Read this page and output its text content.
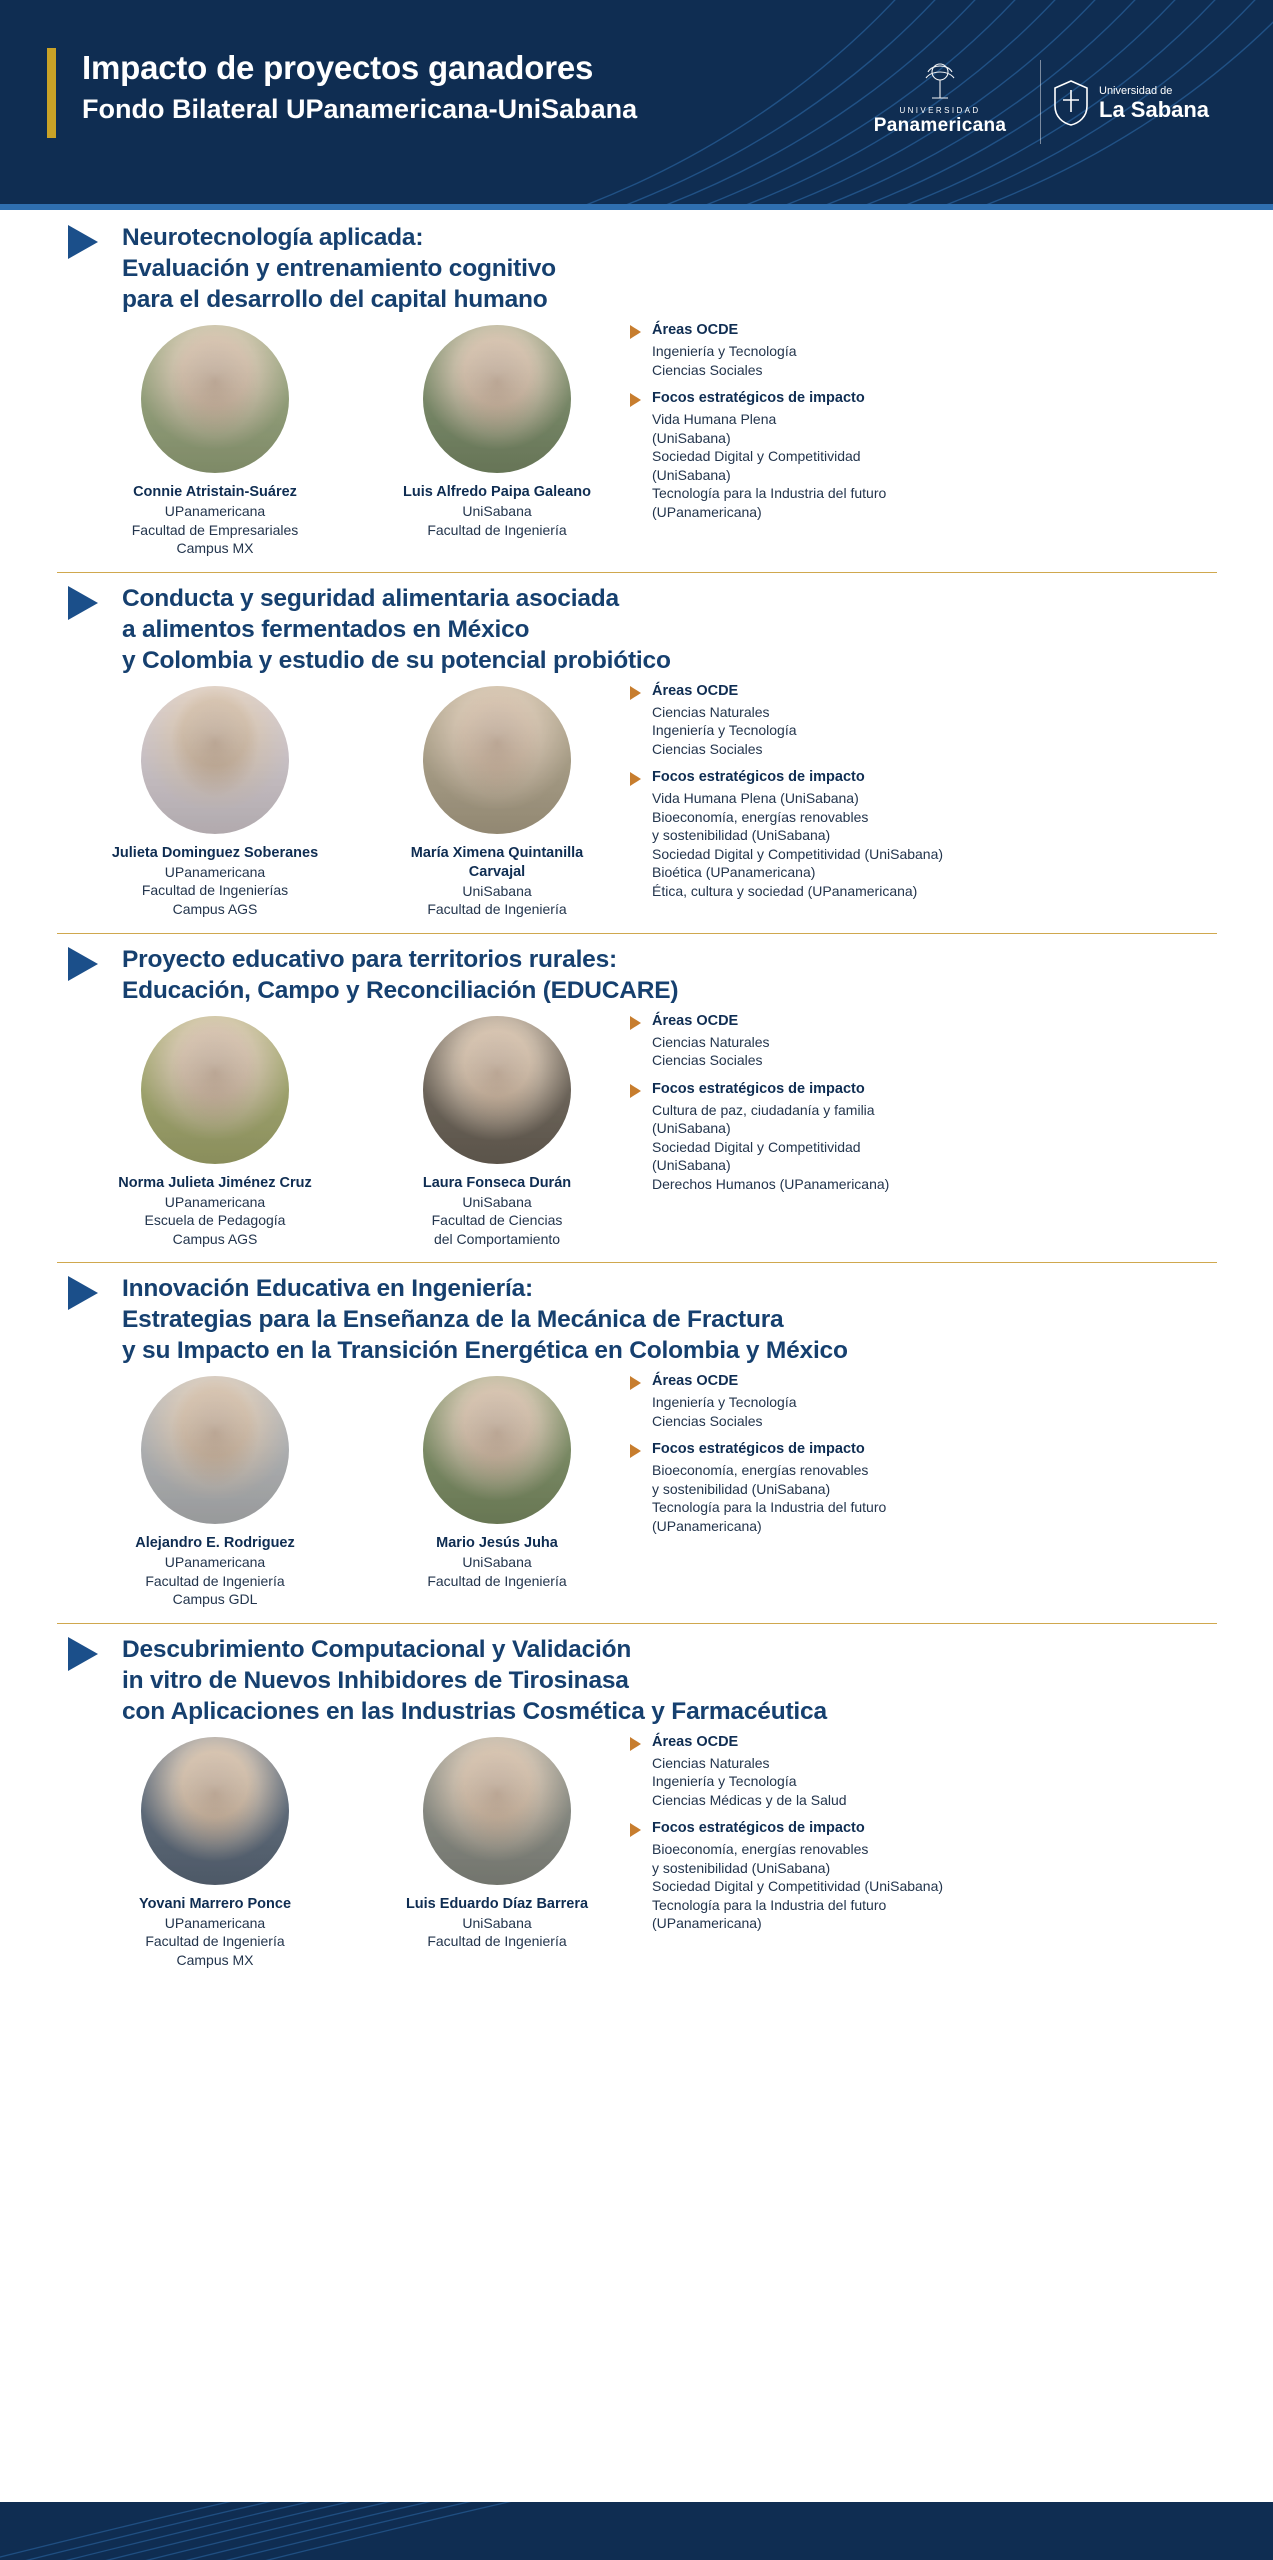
Impacto de proyectos ganadores
Fondo Bilateral UPanamericana-UniSabana	UNIVERSIDAD
Panamericana
Universidad de
La Sabana
Neurotecnología aplicada:
Evaluación y entrenamiento cognitivo
para el desarrollo del capital humano
Connie Atristain-Suárez
UPanamericana
Facultad de Empresariales
Campus MX
Luis Alfredo Paipa Galeano
UniSabana
Facultad de Ingeniería
Áreas OCDE
Ingeniería y Tecnología
Ciencias Sociales
Focos estratégicos de impacto
Vida Humana Plena
(UniSabana)
Sociedad Digital y Competitividad
(UniSabana)
Tecnología para la Industria del futuro
(UPanamericana)
Conducta y seguridad alimentaria asociada
a alimentos fermentados en México
y Colombia y estudio de su potencial probiótico
Julieta Dominguez Soberanes
UPanamericana
Facultad de Ingenierías
Campus AGS
María Ximena Quintanilla Carvajal
UniSabana
Facultad de Ingeniería
Áreas OCDE
Ciencias Naturales
Ingeniería y Tecnología
Ciencias Sociales
Focos estratégicos de impacto
Vida Humana Plena (UniSabana)
Bioeconomía, energías renovables
y sostenibilidad (UniSabana)
Sociedad Digital y Competitividad (UniSabana)
Bioética (UPanamericana)
Ética, cultura y sociedad (UPanamericana)
Proyecto educativo para territorios rurales:
Educación, Campo y Reconciliación (EDUCARE)
Norma Julieta Jiménez Cruz
UPanamericana
Escuela de Pedagogía
Campus AGS
Laura Fonseca Durán
UniSabana
Facultad de Ciencias
del Comportamiento
Áreas OCDE
Ciencias Naturales
Ciencias Sociales
Focos estratégicos de impacto
Cultura de paz, ciudadanía y familia
(UniSabana)
Sociedad Digital y Competitividad
(UniSabana)
Derechos Humanos (UPanamericana)
Innovación Educativa en Ingeniería:
Estrategias para la Enseñanza de la Mecánica de Fractura
y su Impacto en la Transición Energética en Colombia y México
Alejandro E. Rodriguez
UPanamericana
Facultad de Ingeniería
Campus GDL
Mario Jesús Juha
UniSabana
Facultad de Ingeniería
Áreas OCDE
Ingeniería y Tecnología
Ciencias Sociales
Focos estratégicos de impacto
Bioeconomía, energías renovables
y sostenibilidad (UniSabana)
Tecnología para la Industria del futuro
(UPanamericana)
Descubrimiento Computacional y Validación
in vitro de Nuevos Inhibidores de Tirosinasa
con Aplicaciones en las Industrias Cosmética y Farmacéutica
Yovani Marrero Ponce
UPanamericana
Facultad de Ingeniería
Campus MX
Luis Eduardo Díaz Barrera
UniSabana
Facultad de Ingeniería
Áreas OCDE
Ciencias Naturales
Ingeniería y Tecnología
Ciencias Médicas y de la Salud
Focos estratégicos de impacto
Bioeconomía, energías renovables
y sostenibilidad (UniSabana)
Sociedad Digital y Competitividad (UniSabana)
Tecnología para la Industria del futuro
(UPanamericana)
